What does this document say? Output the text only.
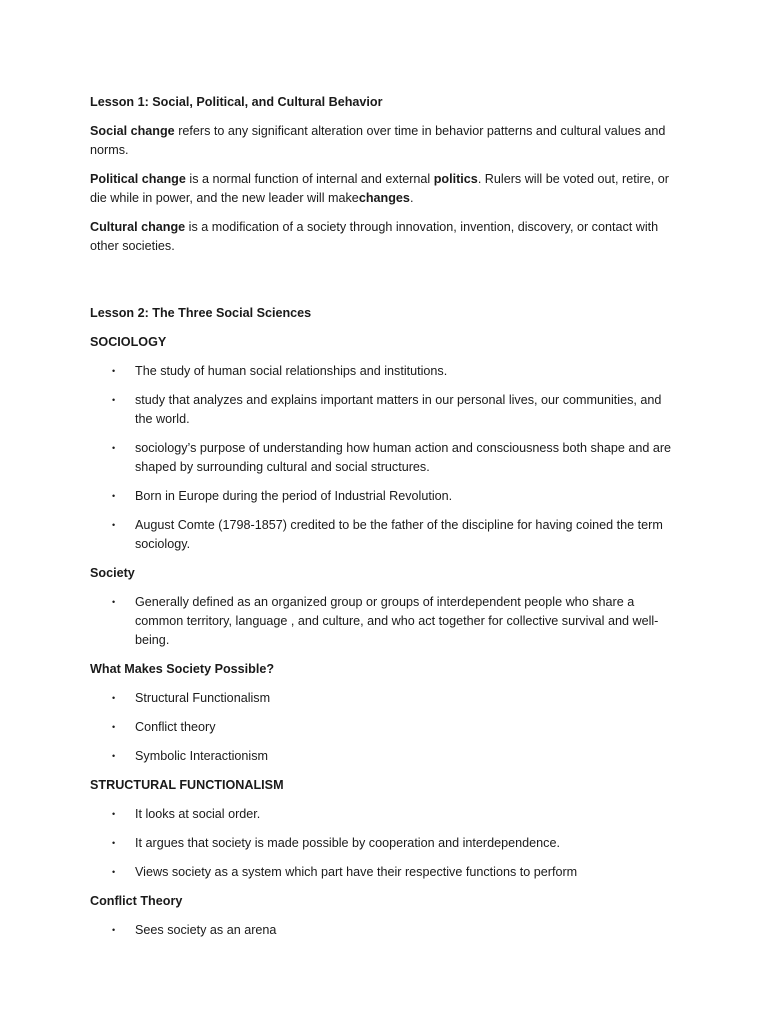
Lesson 1: Social, Political, and Cultural Behavior
Social change refers to any significant alteration over time in behavior patterns and cultural values and norms.
Political change is a normal function of internal and external politics. Rulers will be voted out, retire, or die while in power, and the new leader will makechanges.
Cultural change is a modification of a society through innovation, invention, discovery, or contact with other societies.
Lesson 2: The Three Social Sciences
SOCIOLOGY
• The study of human social relationships and institutions.
• study that analyzes and explains important matters in our personal lives, our communities, and the world.
• sociology’s purpose of understanding how human action and consciousness both shape and are shaped by surrounding cultural and social structures.
• Born in Europe during the period of Industrial Revolution.
• August Comte (1798-1857) credited to be the father of the discipline for having coined the term sociology.
Society
• Generally defined as an organized group or groups of interdependent people who share a common territory, language , and culture, and who act together for collective survival and well-being.
What Makes Society Possible?
• Structural Functionalism
• Conflict theory
• Symbolic Interactionism
STRUCTURAL FUNCTIONALISM
• It looks at social order.
• It argues that society is made possible by cooperation and interdependence.
• Views society as a system which part have their respective functions to perform
Conflict Theory
• Sees society as an arena
